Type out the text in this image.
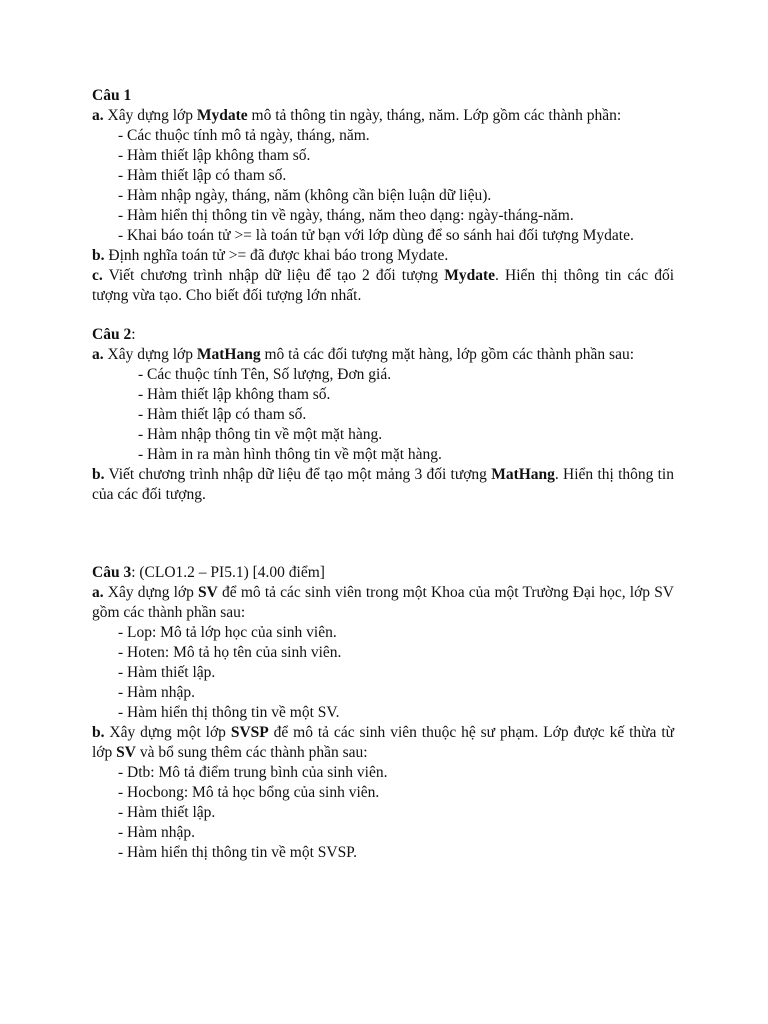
Câu 1

a. Xây dựng lớp Mydate mô tả thông tin ngày, tháng, năm. Lớp gồm các thành phần:

- Các thuộc tính mô tả ngày, tháng, năm.
- Hàm thiết lập không tham số.
- Hàm thiết lập có tham số.
- Hàm nhập ngày, tháng, năm (không cần biện luận dữ liệu).
- Hàm hiển thị thông tin về ngày, tháng, năm theo dạng: ngày-tháng-năm.
- Khai báo toán tử >= là toán tử bạn với lớp dùng để so sánh hai đối tượng Mydate.

b. Định nghĩa toán tử >= đã được khai báo trong Mydate.

c. Viết chương trình nhập dữ liệu để tạo 2 đối tượng Mydate. Hiển thị thông tin các đối tượng vừa tạo. Cho biết đối tượng lớn nhất.

Câu 2:

a. Xây dựng lớp MatHang mô tả các đối tượng mặt hàng, lớp gồm các thành phần sau:

- Các thuộc tính Tên, Số lượng, Đơn giá.
- Hàm thiết lập không tham số.
- Hàm thiết lập có tham số.
- Hàm nhập thông tin về một mặt hàng.
- Hàm in ra màn hình thông tin về một mặt hàng.

b. Viết chương trình nhập dữ liệu để tạo một mảng 3 đối tượng MatHang. Hiển thị thông tin của các đối tượng.

Câu 3: (CLO1.2 – PI5.1) [4.00 điểm]

a. Xây dựng lớp SV để mô tả các sinh viên trong một Khoa của một Trường Đại học, lớp SV gồm các thành phần sau:

- Lop: Mô tả lớp học của sinh viên.
- Hoten: Mô tả họ tên của sinh viên.
- Hàm thiết lập.
- Hàm nhập.
- Hàm hiển thị thông tin về một SV.

b. Xây dựng một lớp SVSP để mô tả các sinh viên thuộc hệ sư phạm. Lớp được kế thừa từ lớp SV và bổ sung thêm các thành phần sau:

- Dtb: Mô tả điểm trung bình của sinh viên.
- Hocbong: Mô tả học bổng của sinh viên.
- Hàm thiết lập.
- Hàm nhập.
- Hàm hiển thị thông tin về một SVSP.
